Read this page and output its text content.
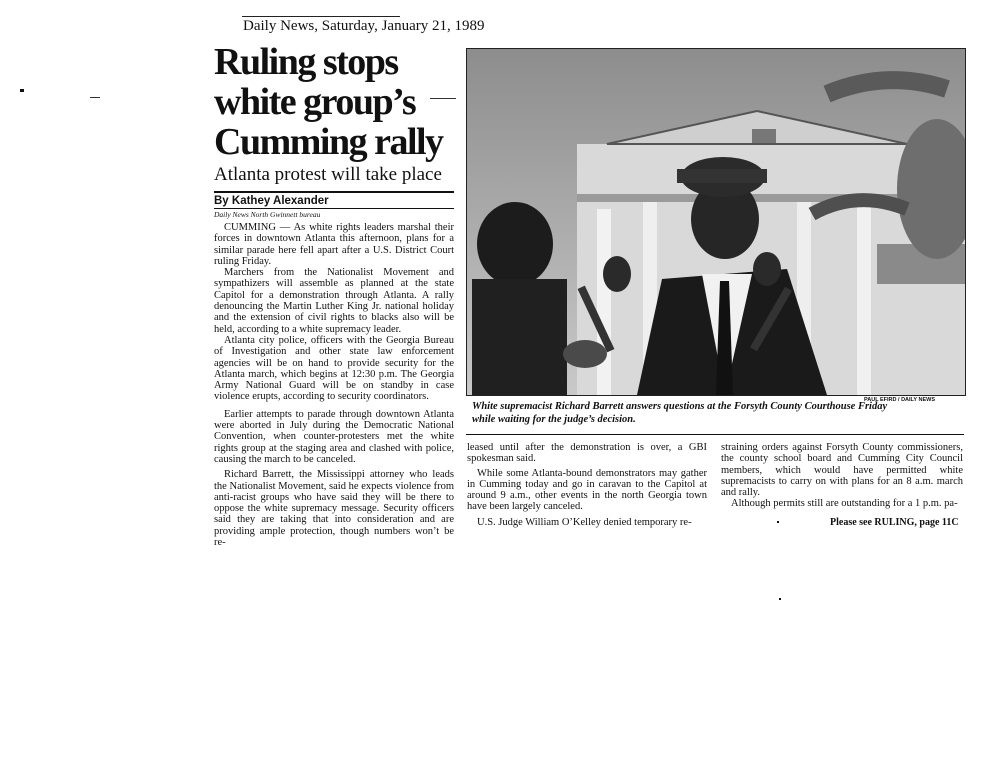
Daily News, Saturday, January 21, 1989
Ruling stops
white group’s
Cumming rally
Atlanta protest will take place
By Kathey Alexander
Daily News North Gwinnett bureau

CUMMING — As white rights leaders marshal their forces in downtown Atlanta this afternoon, plans for a similar parade here fell apart after a U.S. District Court ruling Friday.

Marchers from the Nationalist Movement and sympathizers will assemble as planned at the state Capitol for a demonstration through Atlanta. A rally denouncing the Martin Luther King Jr. national holiday and the extension of civil rights to blacks also will be held, according to a white supremacy leader.

Atlanta city police, officers with the Georgia Bureau of Investigation and other state law enforcement agencies will be on hand to provide security for the Atlanta march, which begins at 12:30 p.m. The Georgia Army National Guard will be on standby in case violence erupts, according to security coordinators.

Earlier attempts to parade through downtown Atlanta were aborted in July during the Democratic National Convention, when counter-protesters met the white rights group at the staging area and clashed with police, causing the march to be canceled.

Richard Barrett, the Mississippi attorney who leads the Nationalist Movement, said he expects violence from anti-racist groups who have said they will be there to oppose the white supremacy message. Security officers said they are taking that into consideration and are providing ample protection, though numbers won’t be re-

PAUL EFIRD / DAILY NEWS
White supremacist Richard Barrett answers questions at the Forsyth County Courthouse Friday while waiting for the judge’s decision.

leased until after the demonstration is over, a GBI spokesman said.

While some Atlanta-bound demonstrators may gather in Cumming today and go in caravan to the Capitol at around 9 a.m., other events in the north Georgia town have been largely canceled.

U.S. Judge William O’Kelley denied temporary re-

straining orders against Forsyth County commissioners, the county school board and Cumming City Council members, which would have permitted white supremacists to carry on with plans for an 8 a.m. march and rally.

Although permits still are outstanding for a 1 p.m. pa-

Please see RULING, page 11C
